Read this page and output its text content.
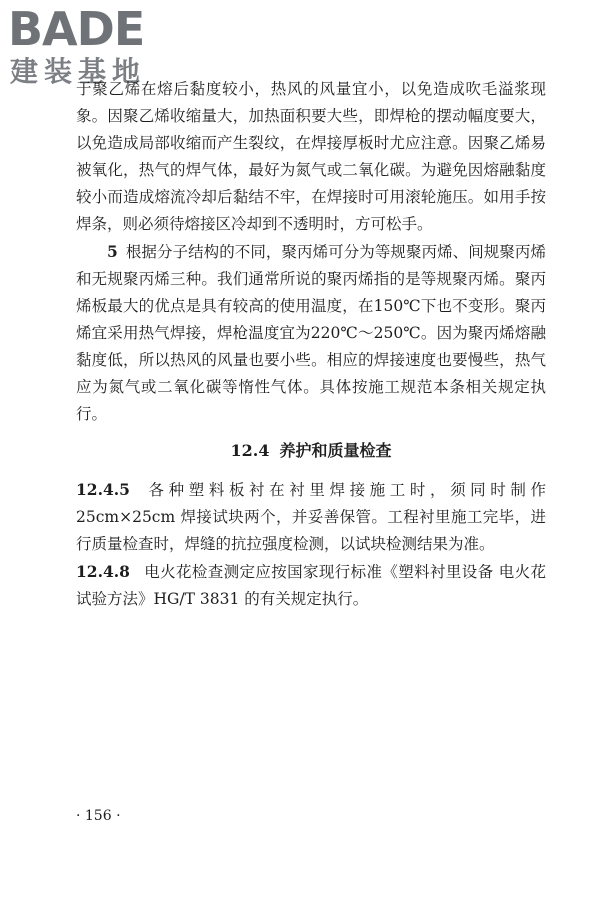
BADE
建装基地

于聚乙烯在熔后黏度较小，热风的风量宜小，以免造成吹毛溢浆现象。因聚乙烯收缩量大，加热面积要大些，即焊枪的摆动幅度要大，以免造成局部收缩而产生裂纹，在焊接厚板时尤应注意。因聚乙烯易被氧化，热气的焊气体，最好为氮气或二氧化碳。为避免因熔融黏度较小而造成熔流冷却后黏结不牢，在焊接时可用滚轮施压。如用手按焊条，则必须待熔接区冷却到不透明时，方可松手。

5 根据分子结构的不同，聚丙烯可分为等规聚丙烯、间规聚丙烯和无规聚丙烯三种。我们通常所说的聚丙烯指的是等规聚丙烯。聚丙烯板最大的优点是具有较高的使用温度，在150℃下也不变形。聚丙烯宜采用热气焊接，焊枪温度宜为220℃～250℃。因为聚丙烯熔融黏度低，所以热风的风量也要小些。相应的焊接速度也要慢些，热气应为氮气或二氧化碳等惰性气体。具体按施工规范本条相关规定执行。

12.4 养护和质量检查

12.4.5 各种塑料板衬在衬里焊接施工时，须同时制作 25cm×25cm 焊接试块两个，并妥善保管。工程衬里施工完毕，进行质量检查时，焊缝的抗拉强度检测，以试块检测结果为准。

12.4.8 电火花检查测定应按国家现行标准《塑料衬里设备 电火花试验方法》HG/T 3831 的有关规定执行。

· 156 ·
